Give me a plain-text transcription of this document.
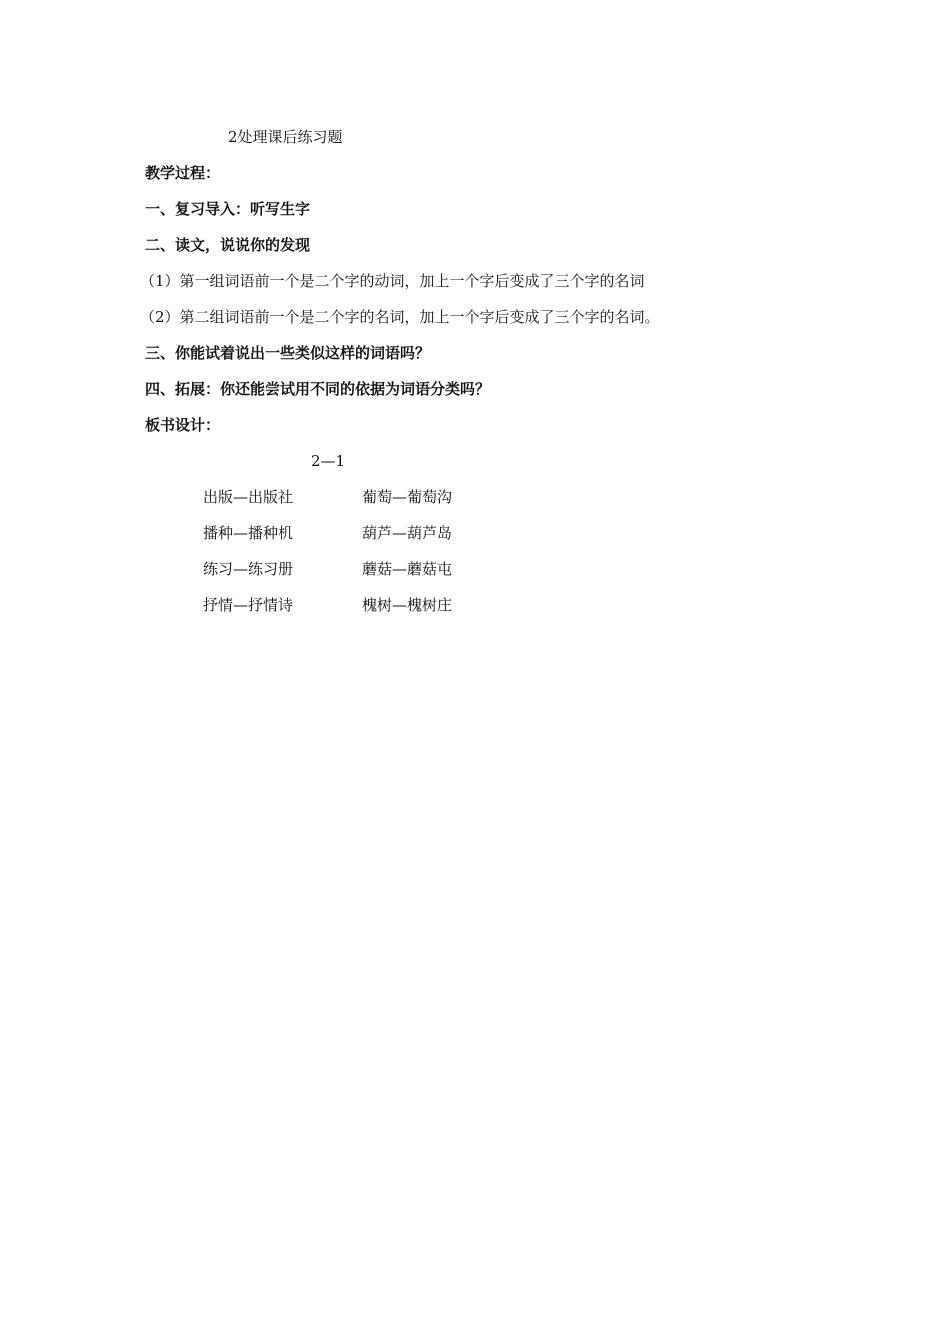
2处理课后练习题
教学过程：
一、复习导入：听写生字
二、读文，说说你的发现
（1）第一组词语前一个是二个字的动词，加上一个字后变成了三个字的名词
（2）第二组词语前一个是二个字的名词，加上一个字后变成了三个字的名词。
三、你能试着说出一些类似这样的词语吗？
四、拓展：你还能尝试用不同的依据为词语分类吗？
板书设计：
2—1
出版—出版社	葡萄—葡萄沟
播种—播种机	葫芦—葫芦岛
练习—练习册	蘑菇—蘑菇屯
抒情—抒情诗	槐树—槐树庄
